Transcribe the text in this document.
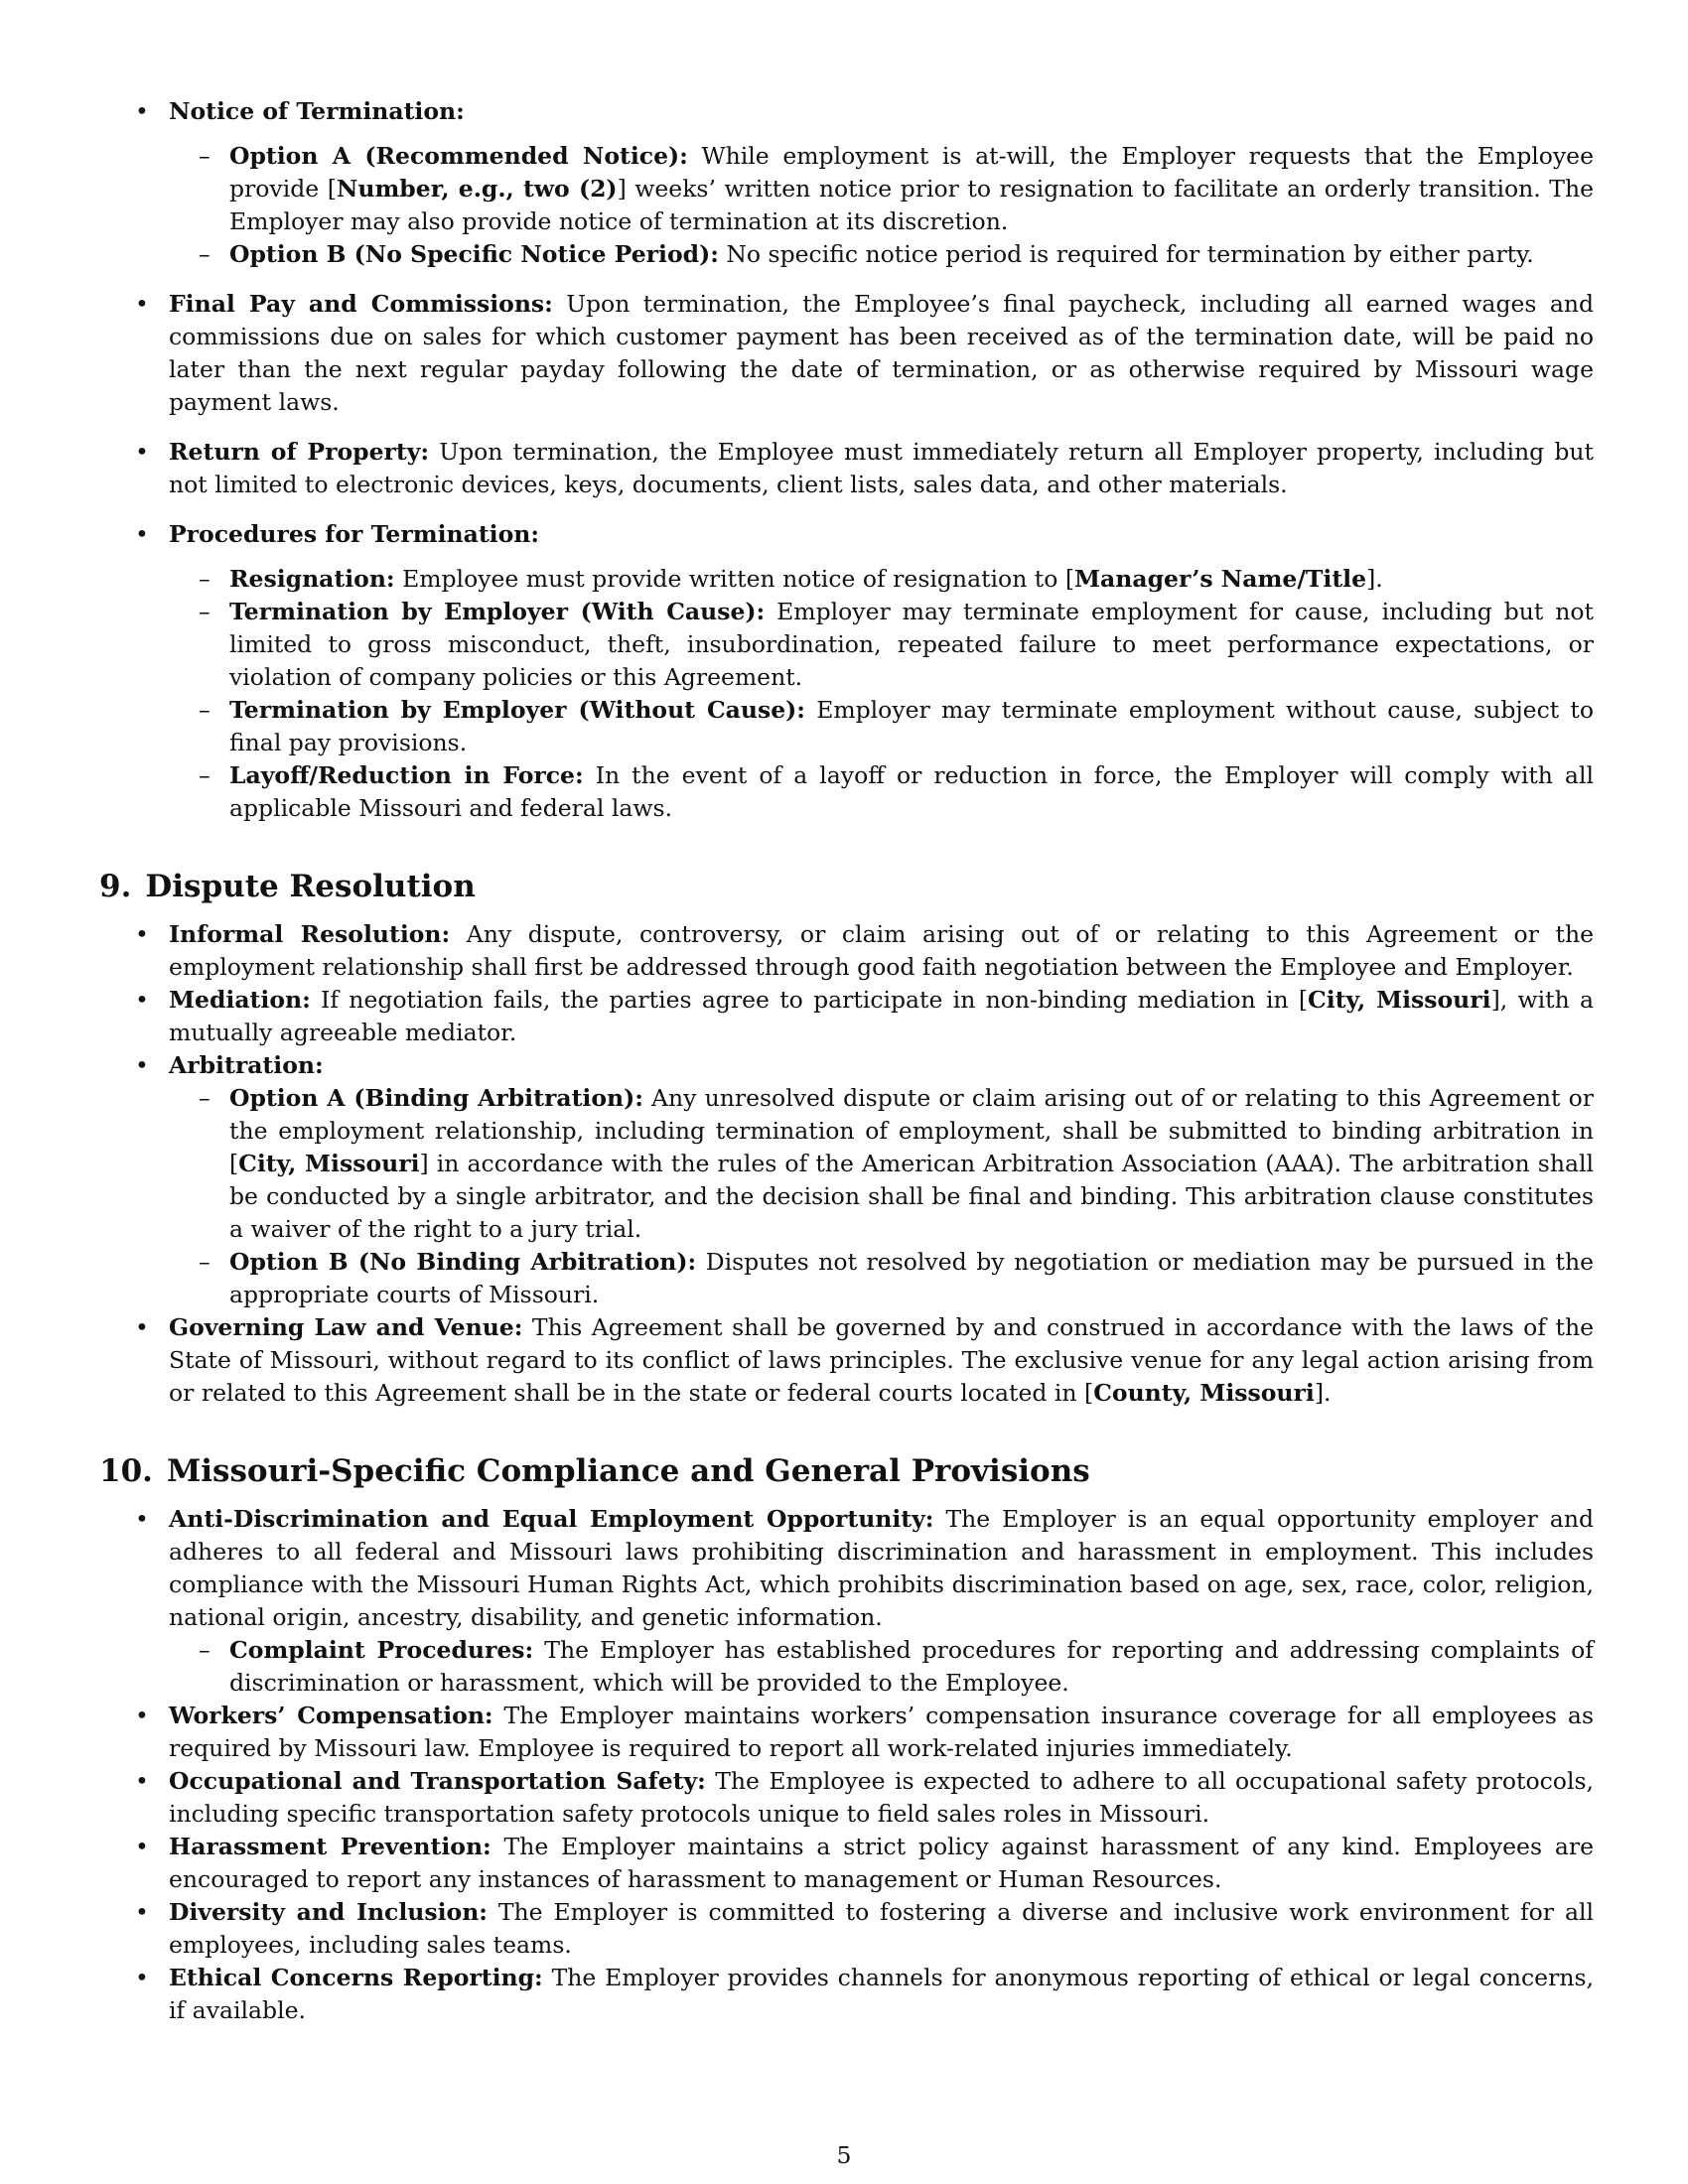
• Notice of Termination:
– Option A (Recommended Notice): While employment is at-will, the Employer requests that the Employee provide [Number, e.g., two (2)] weeks’ written notice prior to resignation to facilitate an orderly transition. The Employer may also provide notice of termination at its discretion.
– Option B (No Specific Notice Period): No specific notice period is required for termination by either party.
• Final Pay and Commissions: Upon termination, the Employee’s final paycheck, including all earned wages and commissions due on sales for which customer payment has been received as of the termination date, will be paid no later than the next regular payday following the date of termination, or as otherwise required by Missouri wage payment laws.
• Return of Property: Upon termination, the Employee must immediately return all Employer property, including but not limited to electronic devices, keys, documents, client lists, sales data, and other materials.
• Procedures for Termination:
– Resignation: Employee must provide written notice of resignation to [Manager’s Name/Title].
– Termination by Employer (With Cause): Employer may terminate employment for cause, including but not limited to gross misconduct, theft, insubordination, repeated failure to meet performance expectations, or violation of company policies or this Agreement.
– Termination by Employer (Without Cause): Employer may terminate employment without cause, subject to final pay provisions.
– Layoff/Reduction in Force: In the event of a layoff or reduction in force, the Employer will comply with all applicable Missouri and federal laws.
9. Dispute Resolution
• Informal Resolution: Any dispute, controversy, or claim arising out of or relating to this Agreement or the employment relationship shall first be addressed through good faith negotiation between the Employee and Employer.
• Mediation: If negotiation fails, the parties agree to participate in non-binding mediation in [City, Missouri], with a mutually agreeable mediator.
• Arbitration:
– Option A (Binding Arbitration): Any unresolved dispute or claim arising out of or relating to this Agreement or the employment relationship, including termination of employment, shall be submitted to binding arbitration in [City, Missouri] in accordance with the rules of the American Arbitration Association (AAA). The arbitration shall be conducted by a single arbitrator, and the decision shall be final and binding. This arbitration clause constitutes a waiver of the right to a jury trial.
– Option B (No Binding Arbitration): Disputes not resolved by negotiation or mediation may be pursued in the appropriate courts of Missouri.
• Governing Law and Venue: This Agreement shall be governed by and construed in accordance with the laws of the State of Missouri, without regard to its conflict of laws principles. The exclusive venue for any legal action arising from or related to this Agreement shall be in the state or federal courts located in [County, Missouri].
10. Missouri-Specific Compliance and General Provisions
• Anti-Discrimination and Equal Employment Opportunity: The Employer is an equal opportunity employer and adheres to all federal and Missouri laws prohibiting discrimination and harassment in employment. This includes compliance with the Missouri Human Rights Act, which prohibits discrimination based on age, sex, race, color, religion, national origin, ancestry, disability, and genetic information.
– Complaint Procedures: The Employer has established procedures for reporting and addressing complaints of discrimination or harassment, which will be provided to the Employee.
• Workers’ Compensation: The Employer maintains workers’ compensation insurance coverage for all employees as required by Missouri law. Employee is required to report all work-related injuries immediately.
• Occupational and Transportation Safety: The Employee is expected to adhere to all occupational safety protocols, including specific transportation safety protocols unique to field sales roles in Missouri.
• Harassment Prevention: The Employer maintains a strict policy against harassment of any kind. Employees are encouraged to report any instances of harassment to management or Human Resources.
• Diversity and Inclusion: The Employer is committed to fostering a diverse and inclusive work environment for all employees, including sales teams.
• Ethical Concerns Reporting: The Employer provides channels for anonymous reporting of ethical or legal concerns, if available.
5
